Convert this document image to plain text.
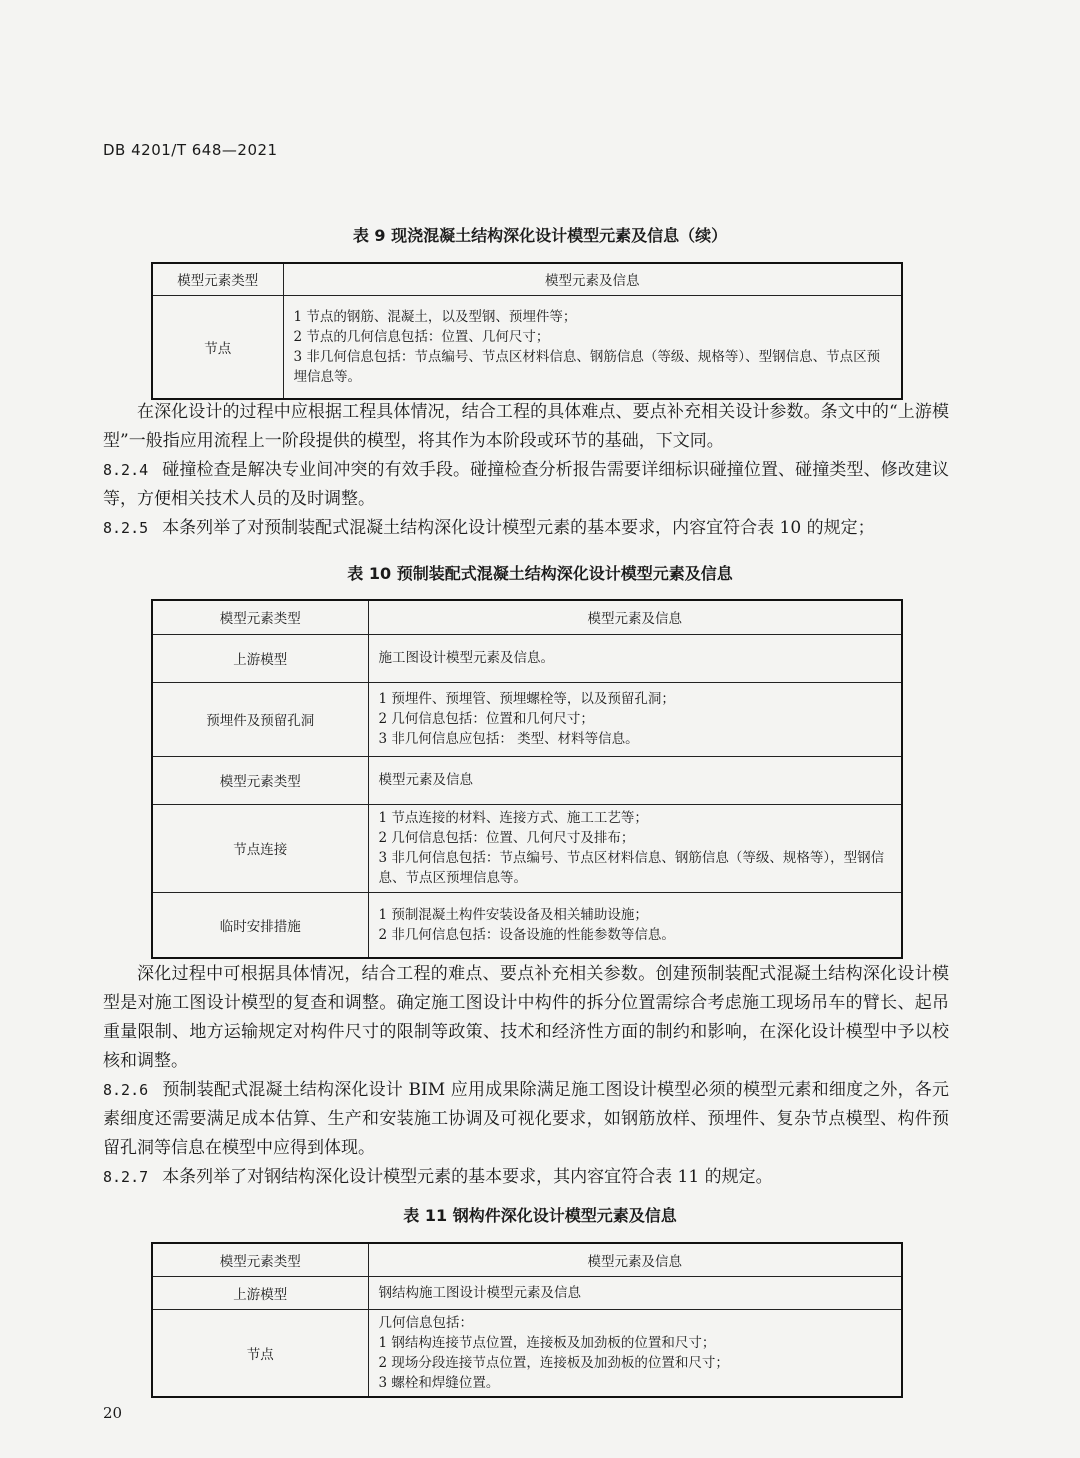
DB 4201/T 648—2021
表 9 现浇混凝土结构深化设计模型元素及信息（续）
模型元素类型	模型元素及信息
节点	1 节点的钢筋、混凝土，以及型钢、预埋件等；
2 节点的几何信息包括：位置、几何尺寸；
3 非几何信息包括：节点编号、节点区材料信息、钢筋信息（等级、规格等）、型钢信息、节点区预埋信息等。

在深化设计的过程中应根据工程具体情况，结合工程的具体难点、要点补充相关设计参数。条文中的“上游模型”一般指应用流程上一阶段提供的模型，将其作为本阶段或环节的基础，下文同。

8.2.4 碰撞检查是解决专业间冲突的有效手段。碰撞检查分析报告需要详细标识碰撞位置、碰撞类型、修改建议等，方便相关技术人员的及时调整。

8.2.5 本条列举了对预制装配式混凝土结构深化设计模型元素的基本要求，内容宜符合表 10 的规定；

表 10 预制装配式混凝土结构深化设计模型元素及信息
模型元素类型	模型元素及信息
上游模型	施工图设计模型元素及信息。

预埋件及预留孔洞	1 预埋件、预埋管、预埋螺栓等，以及预留孔洞；
2 几何信息包括：位置和几何尺寸；
3 非几何信息应包括： 类型、材料等信息。

模型元素类型	模型元素及信息

节点连接	1 节点连接的材料、连接方式、施工工艺等；
2 几何信息包括：位置、几何尺寸及排布；
3 非几何信息包括：节点编号、节点区材料信息、钢筋信息（等级、规格等），型钢信息、节点区预埋信息等。

临时安排措施	1 预制混凝土构件安装设备及相关辅助设施；
2 非几何信息包括：设备设施的性能参数等信息。

深化过程中可根据具体情况，结合工程的难点、要点补充相关参数。创建预制装配式混凝土结构深化设计模型是对施工图设计模型的复查和调整。确定施工图设计中构件的拆分位置需综合考虑施工现场吊车的臂长、起吊重量限制、地方运输规定对构件尺寸的限制等政策、技术和经济性方面的制约和影响，在深化设计模型中予以校核和调整。

8.2.6 预制装配式混凝土结构深化设计 BIM 应用成果除满足施工图设计模型必须的模型元素和细度之外，各元素细度还需要满足成本估算、生产和安装施工协调及可视化要求，如钢筋放样、预埋件、复杂节点模型、构件预留孔洞等信息在模型中应得到体现。

8.2.7 本条列举了对钢结构深化设计模型元素的基本要求，其内容宜符合表 11 的规定。

表 11 钢构件深化设计模型元素及信息
模型元素类型	模型元素及信息
上游模型	钢结构施工图设计模型元素及信息

节点	几何信息包括：
1 钢结构连接节点位置，连接板及加劲板的位置和尺寸；
2 现场分段连接节点位置，连接板及加劲板的位置和尺寸；
3 螺栓和焊缝位置。
20
